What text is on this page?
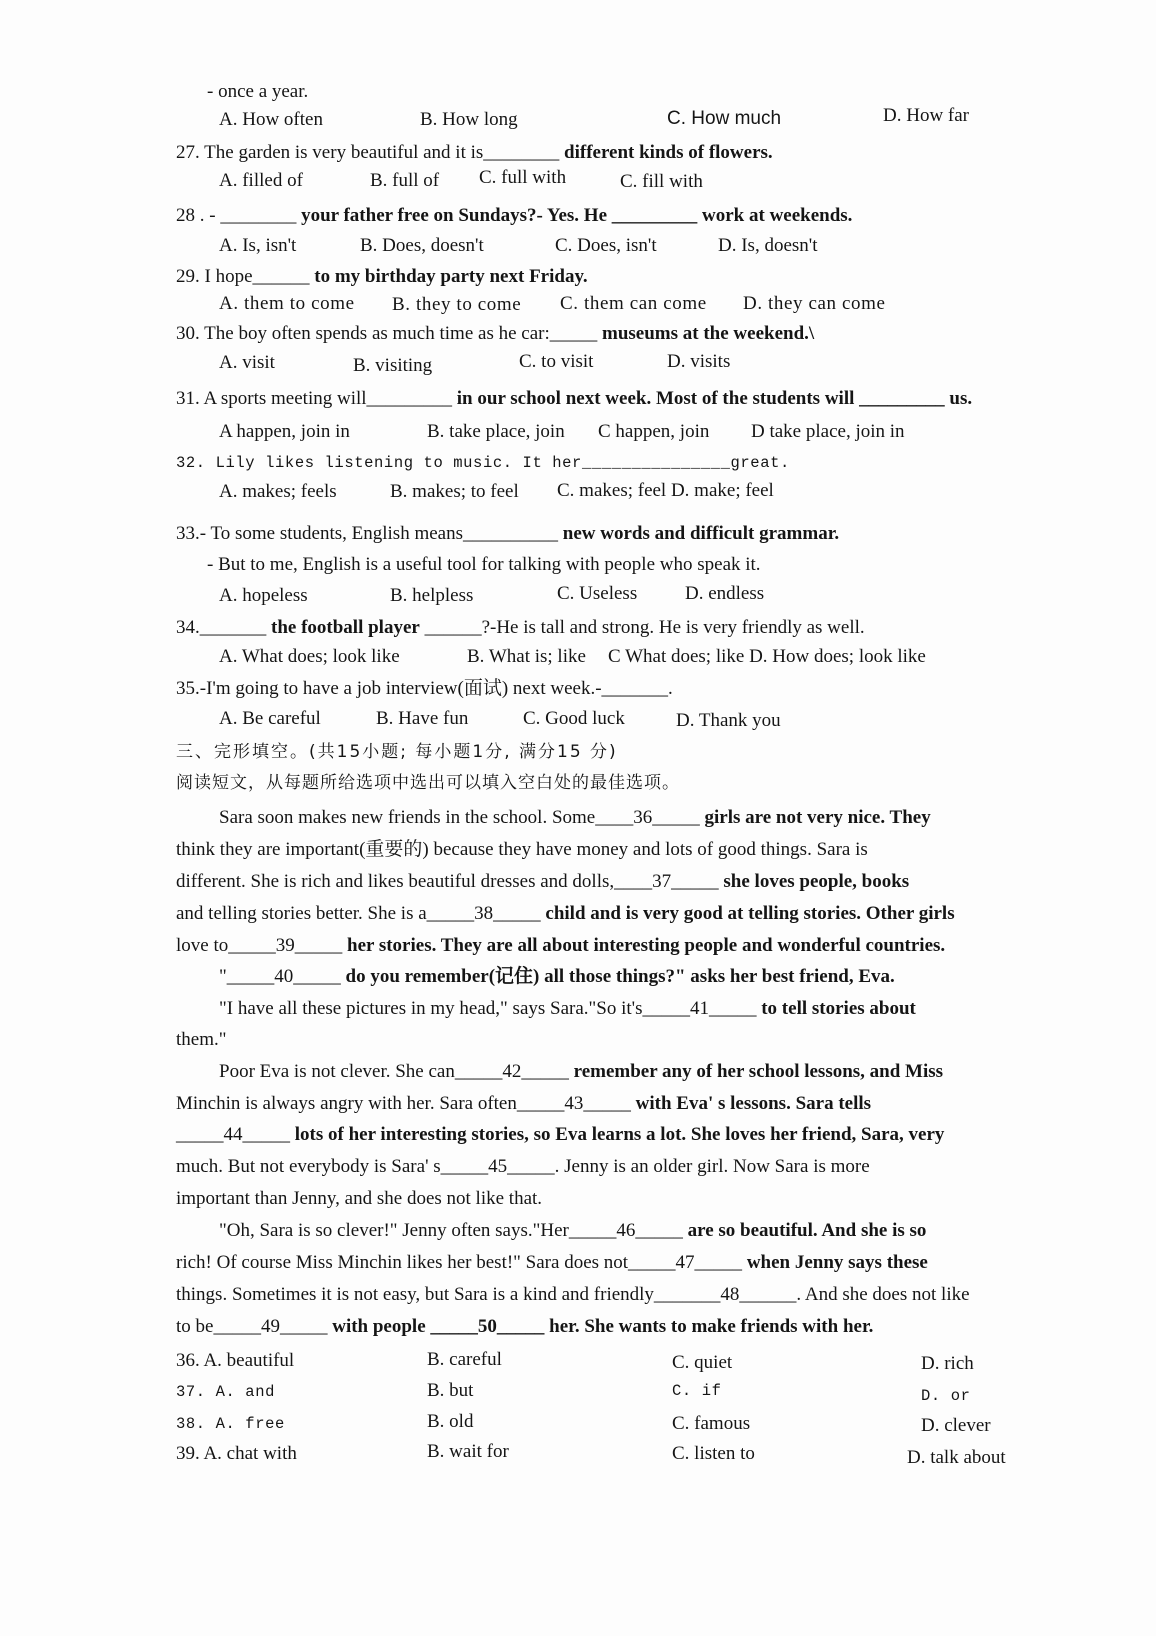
- once a year.
A. How often	B. How long	C. How much	D. How far
27. The garden is very beautiful and it is________ different kinds of flowers.
A. filled of	B. full of C. full with	C. fill with
28 . - ________ your father free on Sundays?- Yes. He _________ work at weekends.
A. Is, isn't	B. Does, doesn't	C. Does, isn't	D. Is, doesn't
29. I hope______ to my birthday party next Friday.
A. them to come B. they to come C. them can come D. they can come
30. The boy often spends as much time as he car:_____ museums at the weekend.\
A. visit	B. visiting	C. to visit	D. visits
31. A sports meeting will_________ in our school next week. Most of the students will _________ us.
A happen, join in	B. take place, join C happen, join D take place, join in
32. Lily likes listening to music. It her_______________great.
A. makes; feels	B. makes; to feel C. makes; feel D. make; feel
33.- To some students, English means__________ new words and difficult grammar.
- But to me, English is a useful tool for talking with people who speak it.
A. hopeless	B. helpless	C. Useless	D. endless
34._______ the football player ______?-He is tall and strong. He is very friendly as well.
A. What does; look like	B. What is; like C What does; like D. How does; look like
35.-I'm going to have a job interview(面试) next week.-_______.
A. Be careful	B. Have fun	C. Good luck	D. Thank you
三、完形填空。(共15小题; 每小题1分, 满分15 分)
阅读短文，从每题所给选项中选出可以填入空白处的最佳选项。
Sara soon makes new friends in the school. Some____36_____ girls are not very nice. They
think they are important(重要的) because they have money and lots of good things. Sara is
different. She is rich and likes beautiful dresses and dolls,____37_____ she loves people, books
and telling stories better. She is a_____38_____ child and is very good at telling stories. Other girls
love to_____39_____ her stories. They are all about interesting people and wonderful countries.
"_____40_____ do you remember(记住) all those things?" asks her best friend, Eva.
"I have all these pictures in my head," says Sara."So it's_____41_____ to tell stories about
them."
Poor Eva is not clever. She can_____42_____ remember any of her school lessons, and Miss
Minchin is always angry with her. Sara often_____43_____ with Eva' s lessons. Sara tells
_____44_____ lots of her interesting stories, so Eva learns a lot. She loves her friend, Sara, very
much. But not everybody is Sara' s_____45_____. Jenny is an older girl. Now Sara is more
important than Jenny, and she does not like that.
"Oh, Sara is so clever!" Jenny often says."Her_____46_____ are so beautiful. And she is so
rich! Of course Miss Minchin likes her best!" Sara does not_____47_____ when Jenny says these
things. Sometimes it is not easy, but Sara is a kind and friendly_______48______. And she does not like
to be_____49_____ with people _____50_____ her. She wants to make friends with her.
36. A. beautiful	B. careful	C. quiet	D. rich
37. A. and	B. but	C. if	D. or
38. A. free	B. old	C. famous	D. clever
39. A. chat with	B. wait for	C. listen to	D. talk about
